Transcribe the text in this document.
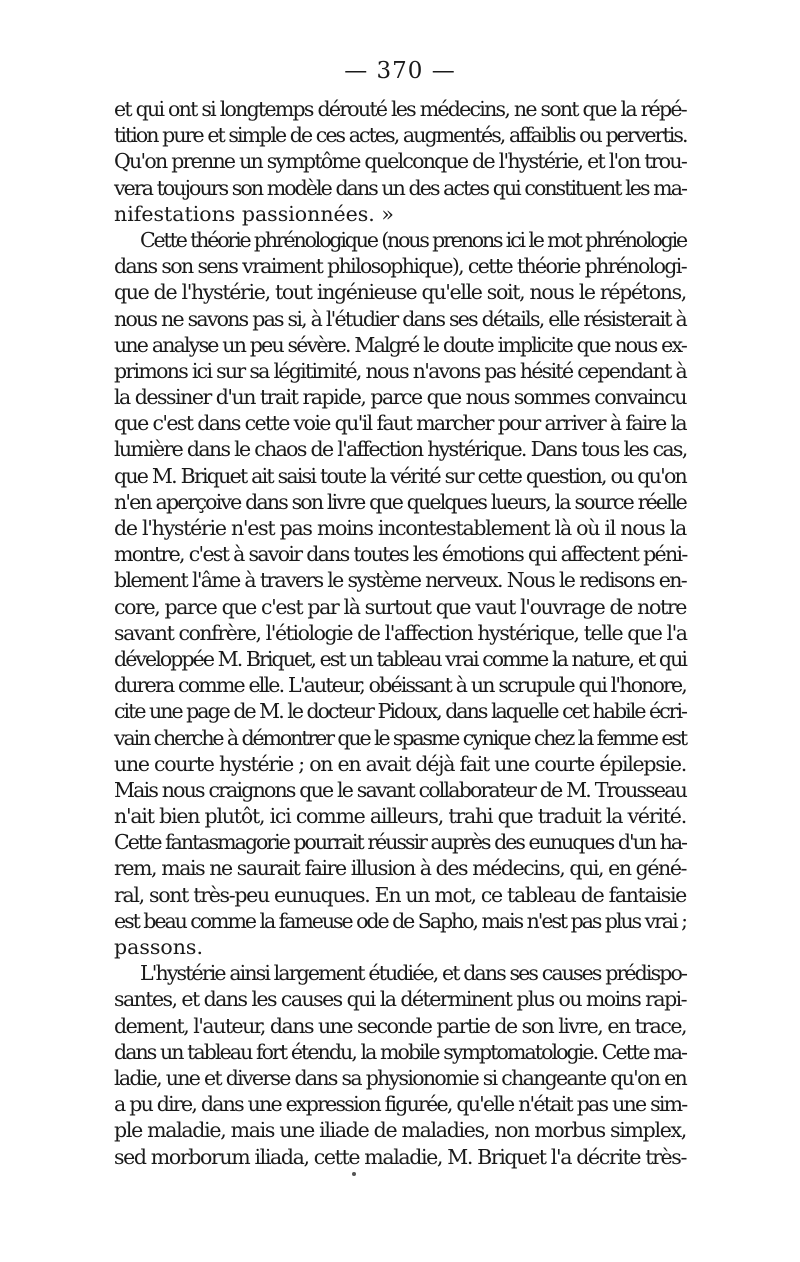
— 370 —
et qui ont si longtemps dérouté les médecins, ne sont que la répé-
tition pure et simple de ces actes, augmentés, affaiblis ou pervertis.
Qu'on prenne un symptôme quelconque de l'hystérie, et l'on trou-
vera toujours son modèle dans un des actes qui constituent les ma-
nifestations passionnées. »
Cette théorie phrénologique (nous prenons ici le mot phrénologie
dans son sens vraiment philosophique), cette théorie phrénologi-
que de l'hystérie, tout ingénieuse qu'elle soit, nous le répétons,
nous ne savons pas si, à l'étudier dans ses détails, elle résisterait à
une analyse un peu sévère. Malgré le doute implicite que nous ex-
primons ici sur sa légitimité, nous n'avons pas hésité cependant à
la dessiner d'un trait rapide, parce que nous sommes convaincu
que c'est dans cette voie qu'il faut marcher pour arriver à faire la
lumière dans le chaos de l'affection hystérique. Dans tous les cas,
que M. Briquet ait saisi toute la vérité sur cette question, ou qu'on
n'en aperçoive dans son livre que quelques lueurs, la source réelle
de l'hystérie n'est pas moins incontestablement là où il nous la
montre, c'est à savoir dans toutes les émotions qui affectent péni-
blement l'âme à travers le système nerveux. Nous le redisons en-
core, parce que c'est par là surtout que vaut l'ouvrage de notre
savant confrère, l'étiologie de l'affection hystérique, telle que l'a
développée M. Briquet, est un tableau vrai comme la nature, et qui
durera comme elle. L'auteur, obéissant à un scrupule qui l'honore,
cite une page de M. le docteur Pidoux, dans laquelle cet habile écri-
vain cherche à démontrer que le spasme cynique chez la femme est
une courte hystérie ; on en avait déjà fait une courte épilepsie.
Mais nous craignons que le savant collaborateur de M. Trousseau
n'ait bien plutôt, ici comme ailleurs, trahi que traduit la vérité.
Cette fantasmagorie pourrait réussir auprès des eunuques d'un ha-
rem, mais ne saurait faire illusion à des médecins, qui, en géné-
ral, sont très-peu eunuques. En un mot, ce tableau de fantaisie
est beau comme la fameuse ode de Sapho, mais n'est pas plus vrai ;
passons.
L'hystérie ainsi largement étudiée, et dans ses causes prédispo-
santes, et dans les causes qui la déterminent plus ou moins rapi-
dement, l'auteur, dans une seconde partie de son livre, en trace,
dans un tableau fort étendu, la mobile symptomatologie. Cette ma-
ladie, une et diverse dans sa physionomie si changeante qu'on en
a pu dire, dans une expression figurée, qu'elle n'était pas une sim-
ple maladie, mais une iliade de maladies, non morbus simplex,
sed morborum iliada, cette maladie, M. Briquet l'a décrite très-
